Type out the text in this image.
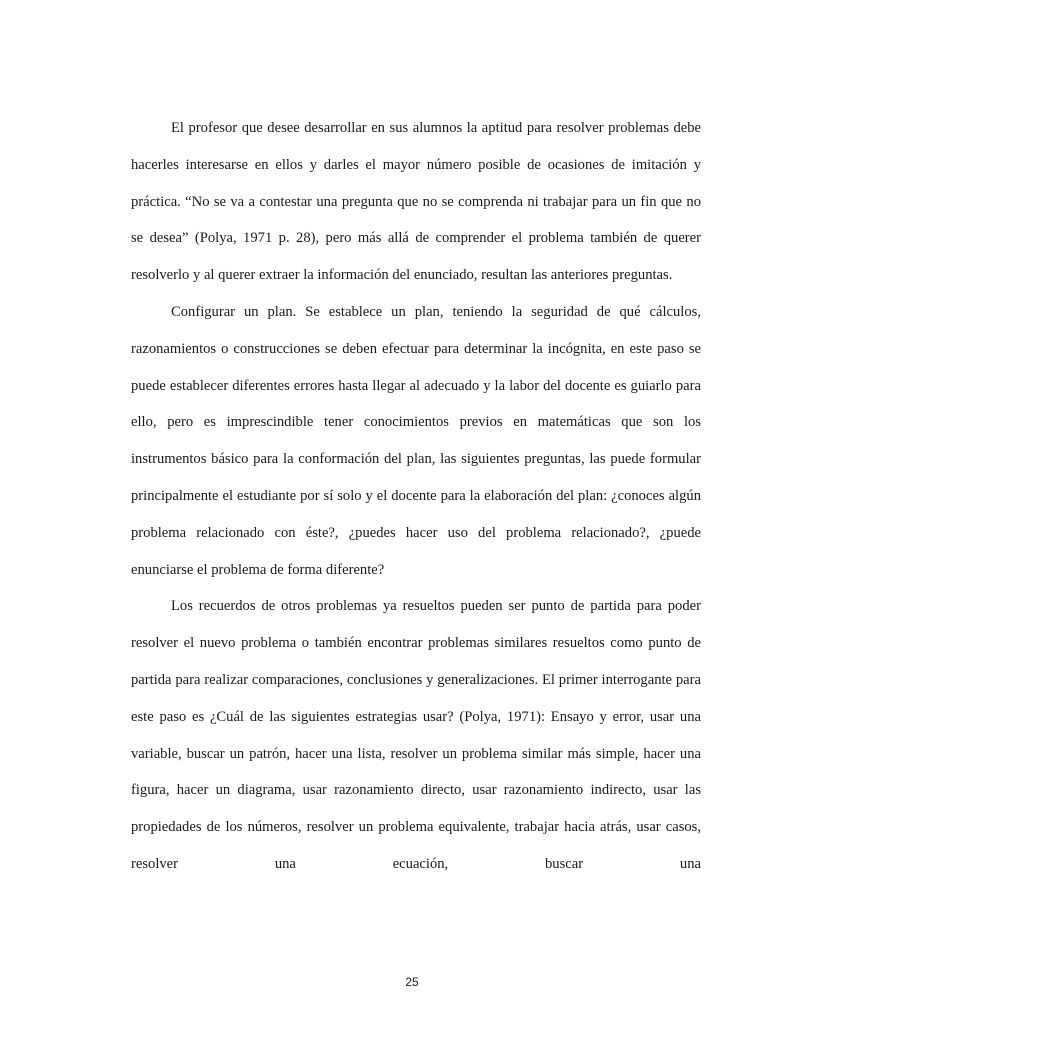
El profesor que desee desarrollar en sus alumnos la aptitud para resolver problemas debe hacerles interesarse en ellos y darles el mayor número posible de ocasiones de imitación y práctica. “No se va a contestar una pregunta que no se comprenda ni trabajar para un fin que no se desea” (Polya, 1971 p. 28), pero más allá de comprender el problema también de querer resolverlo y al querer extraer la información del enunciado, resultan las anteriores preguntas.

Configurar un plan. Se establece un plan, teniendo la seguridad de qué cálculos, razonamientos o construcciones se deben efectuar para determinar la incógnita, en este paso se puede establecer diferentes errores hasta llegar al adecuado y la labor del docente es guiarlo para ello, pero es imprescindible tener conocimientos previos en matemáticas que son los instrumentos básico para la conformación del plan, las siguientes preguntas, las puede formular principalmente el estudiante por sí solo y el docente para la elaboración del plan: ¿conoces algún problema relacionado con éste?, ¿puedes hacer uso del problema relacionado?, ¿puede enunciarse el problema de forma diferente?

Los recuerdos de otros problemas ya resueltos pueden ser punto de partida para poder resolver el nuevo problema o también encontrar problemas similares resueltos como punto de partida para realizar comparaciones, conclusiones y generalizaciones. El primer interrogante para este paso es ¿Cuál de las siguientes estrategias usar? (Polya, 1971): Ensayo y error, usar una variable, buscar un patrón, hacer una lista, resolver un problema similar más simple, hacer una figura, hacer un diagrama, usar razonamiento directo, usar razonamiento indirecto, usar las propiedades de los números, resolver un problema equivalente, trabajar hacia atrás, usar casos, resolver una ecuación, buscar una

25
